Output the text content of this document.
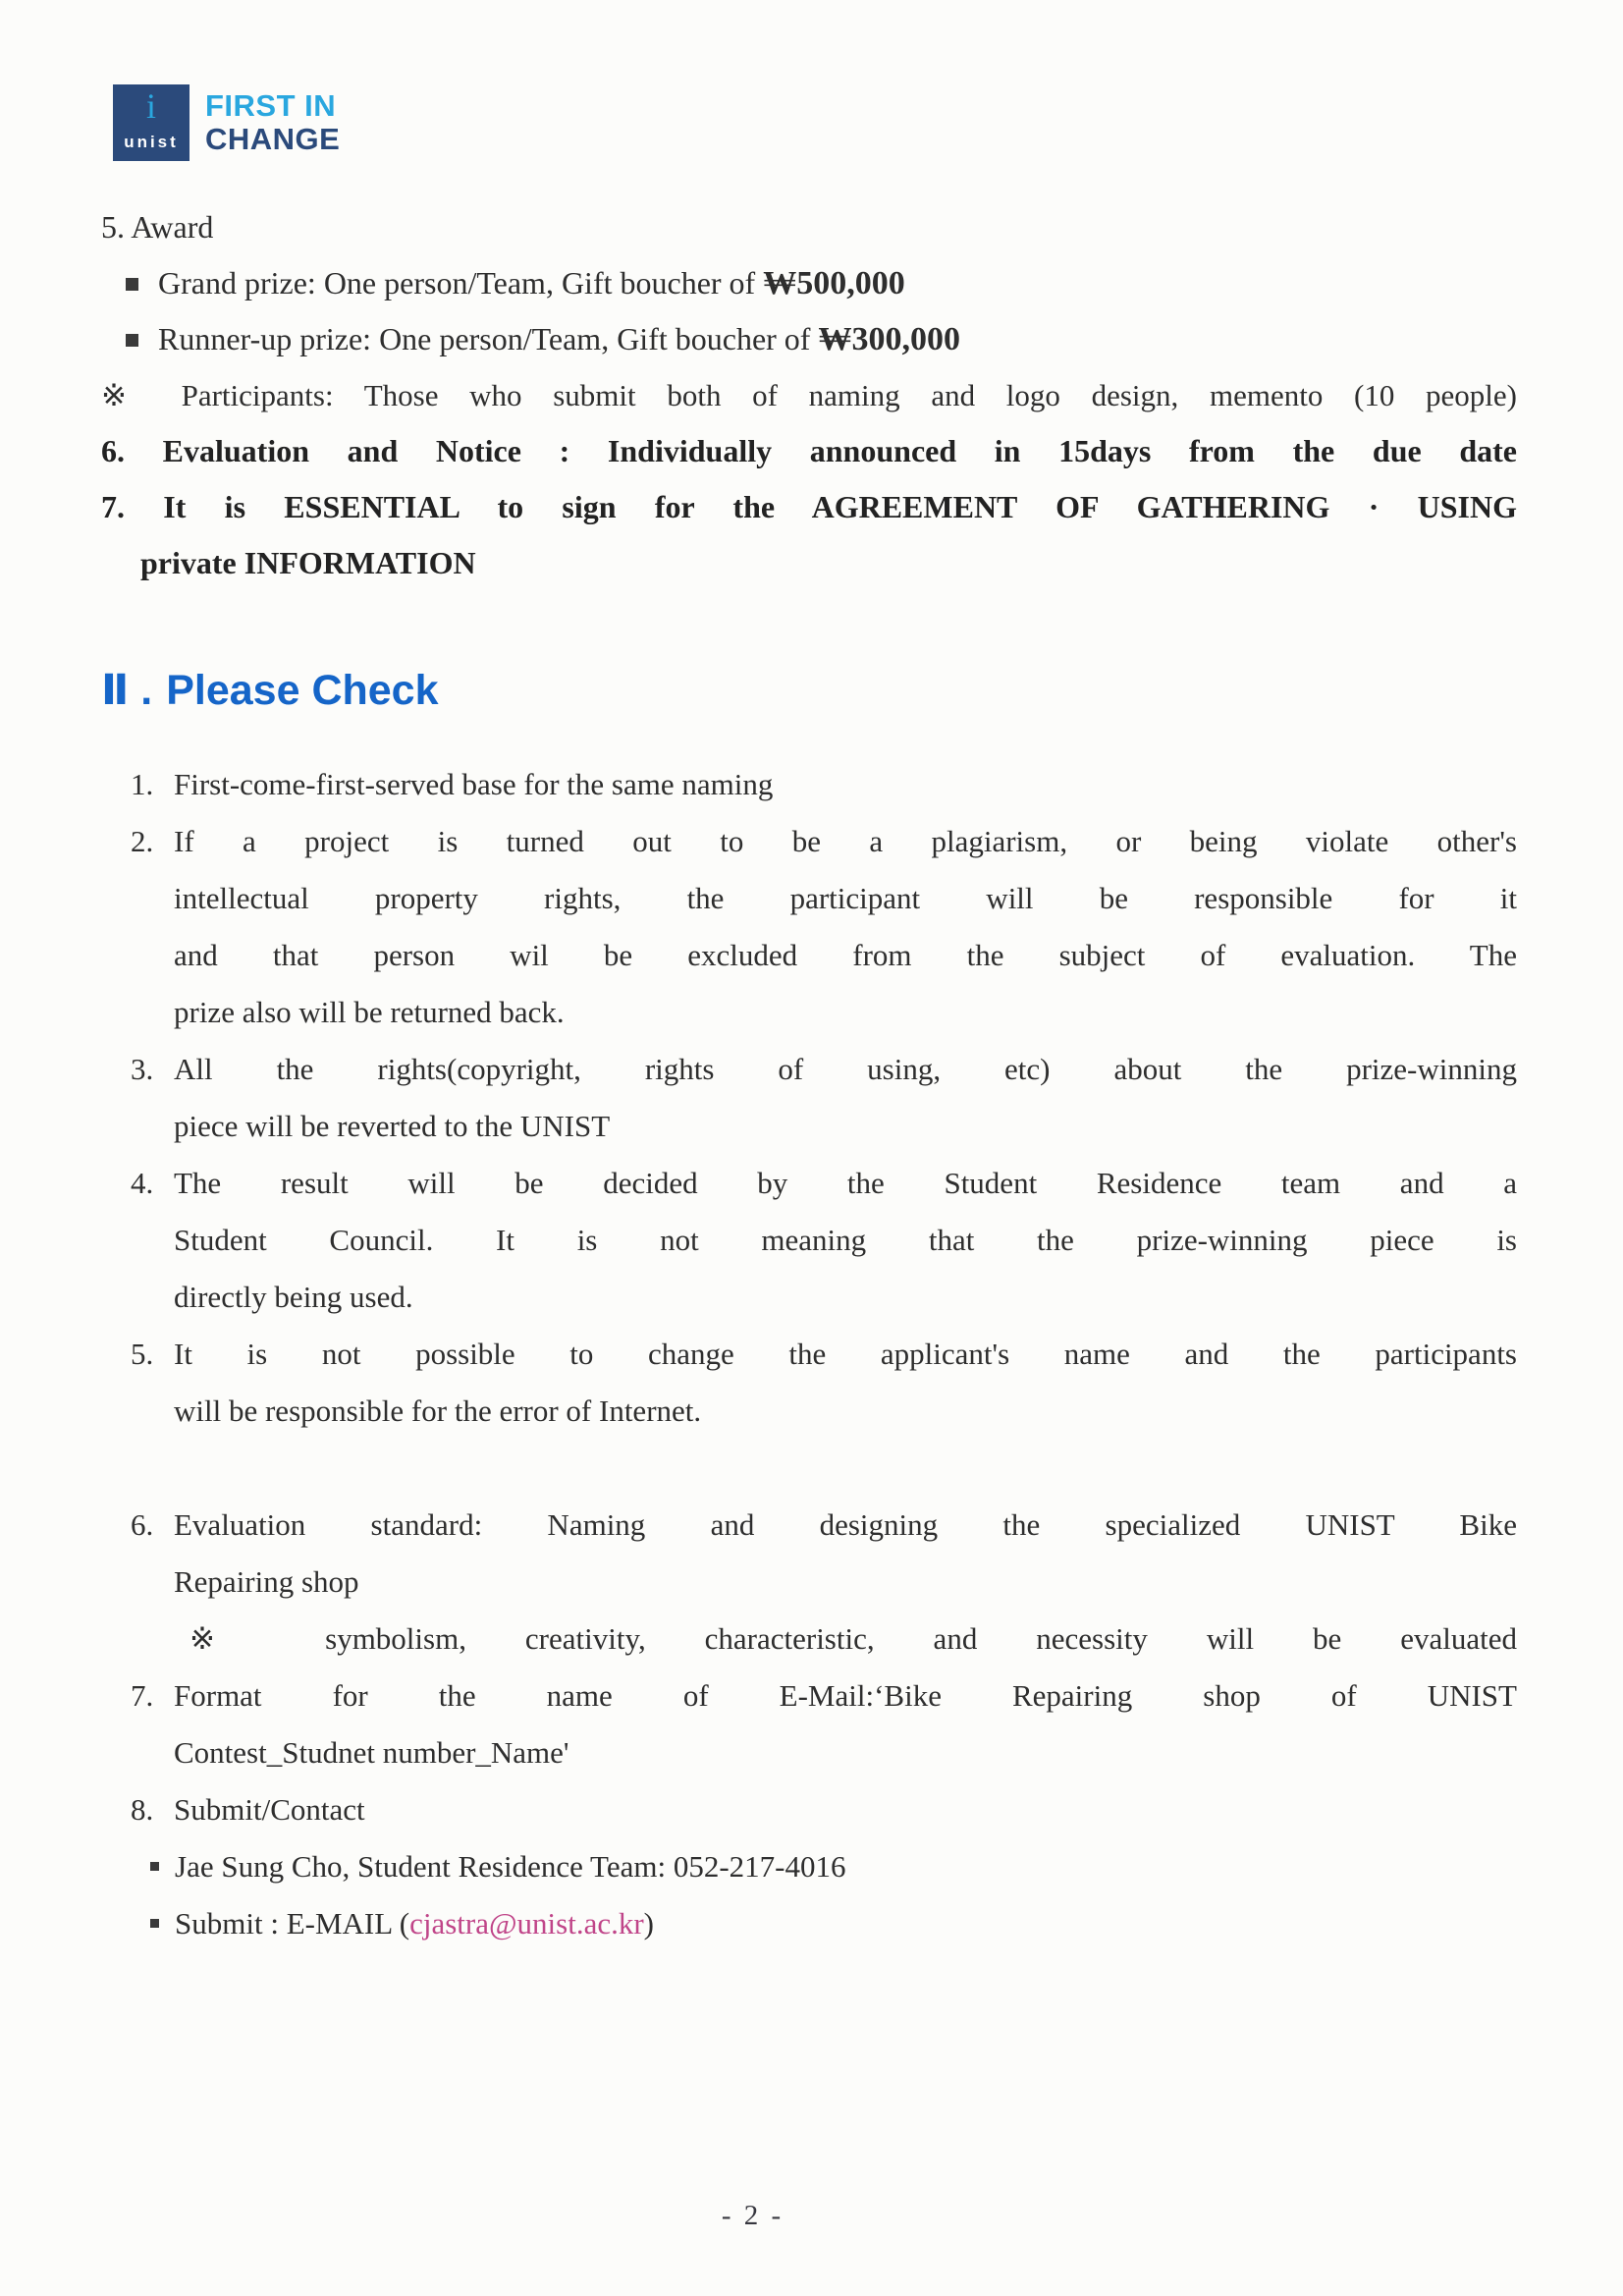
i
unist
FIRST IN
CHANGE
5. Award
Grand prize: One person/Team, Gift boucher of ₩500,000
Runner-up prize: One person/Team, Gift boucher of ₩300,000
※ Participants: Those who submit both of naming and logo design, memento (10 people)
6. Evaluation and Notice : Individually announced in 15days from the due date
7. It is ESSENTIAL to sign for the AGREEMENT OF GATHERING · USING
private INFORMATION
Ⅱ . Please Check
1. First-come-first-served base for the same naming
2. If a project is turned out to be a plagiarism, or being violate other's
intellectual property rights, the participant will be responsible for it
and that person wil be excluded from the subject of evaluation. The
prize also will be returned back.
3. All the rights(copyright, rights of using, etc) about the prize-winning
piece will be reverted to the UNIST
4. The result will be decided by the Student Residence team and a
Student Council. It is not meaning that the prize-winning piece is
directly being used.
5. It is not possible to change the applicant's name and the participants
will be responsible for the error of Internet.
6. Evaluation standard: Naming and designing the specialized UNIST Bike
Repairing shop
※ symbolism, creativity, characteristic, and necessity will be evaluated
7. Format for the name of E-Mail:‘Bike Repairing shop of UNIST
Contest_Studnet number_Name'
8. Submit/Contact
Jae Sung Cho, Student Residence Team: 052-217-4016
Submit : E-MAIL (cjastra@unist.ac.kr)
- 2 -
